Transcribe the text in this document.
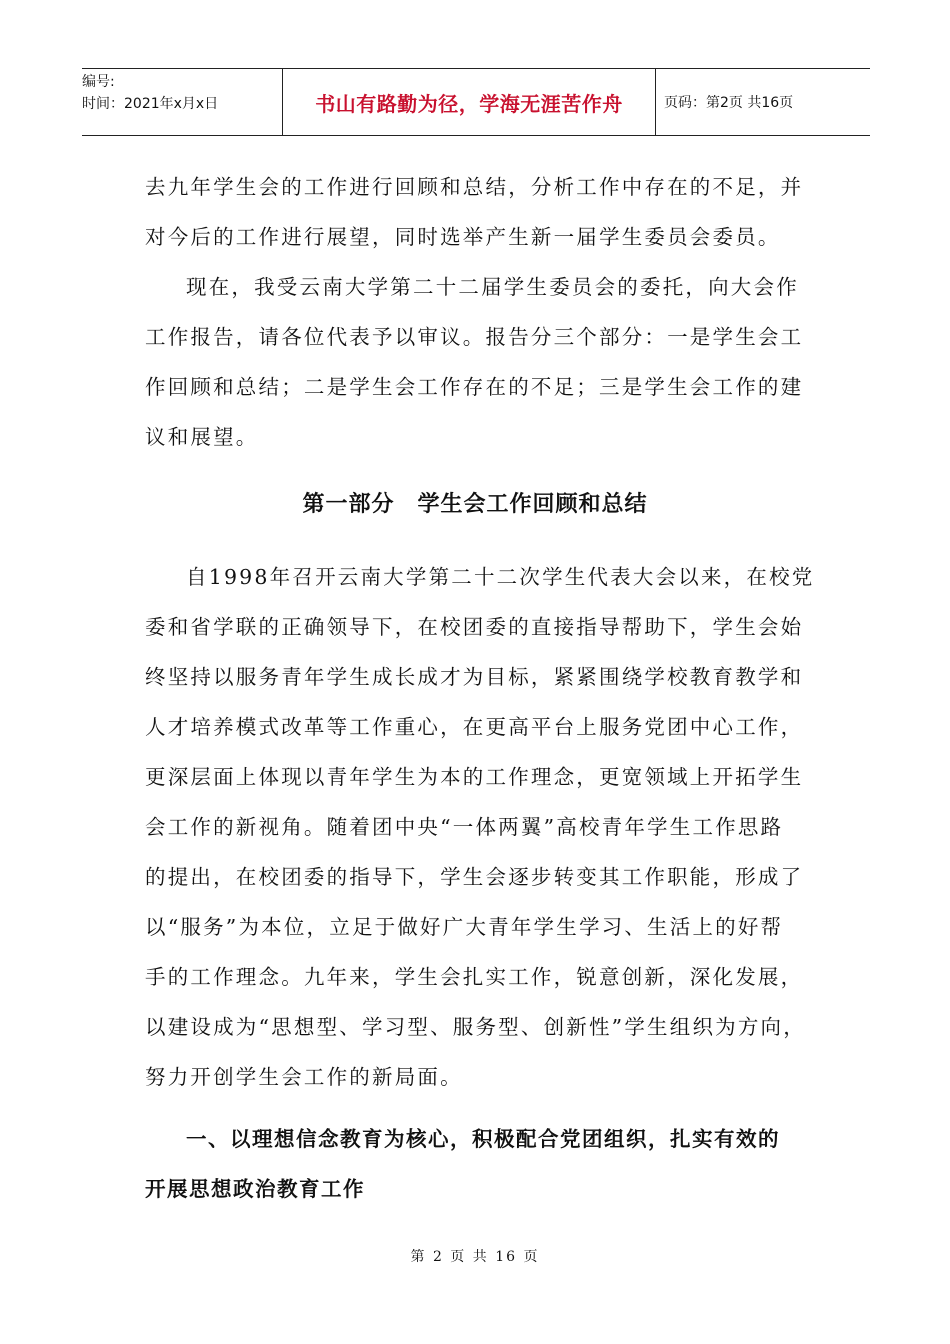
编号:
时间：2021年x月x日	书山有路勤为径，学海无涯苦作舟	页码：第2页 共16页

去九年学生会的工作进行回顾和总结，分析工作中存在的不足，并
对今后的工作进行展望，同时选举产生新一届学生委员会委员。

现在，我受云南大学第二十二届学生委员会的委托，向大会作
工作报告，请各位代表予以审议。报告分三个部分：一是学生会工
作回顾和总结；二是学生会工作存在的不足；三是学生会工作的建
议和展望。

第一部分　学生会工作回顾和总结

自1998年召开云南大学第二十二次学生代表大会以来，在校党
委和省学联的正确领导下，在校团委的直接指导帮助下，学生会始
终坚持以服务青年学生成长成才为目标，紧紧围绕学校教育教学和
人才培养模式改革等工作重心，在更高平台上服务党团中心工作，
更深层面上体现以青年学生为本的工作理念，更宽领域上开拓学生
会工作的新视角。随着团中央“一体两翼”高校青年学生工作思路
的提出，在校团委的指导下，学生会逐步转变其工作职能，形成了
以“服务”为本位，立足于做好广大青年学生学习、生活上的好帮
手的工作理念。九年来，学生会扎实工作，锐意创新，深化发展，
以建设成为“思想型、学习型、服务型、创新性”学生组织为方向，
努力开创学生会工作的新局面。

一、以理想信念教育为核心，积极配合党团组织，扎实有效的
开展思想政治教育工作
第 2 页 共 16 页
